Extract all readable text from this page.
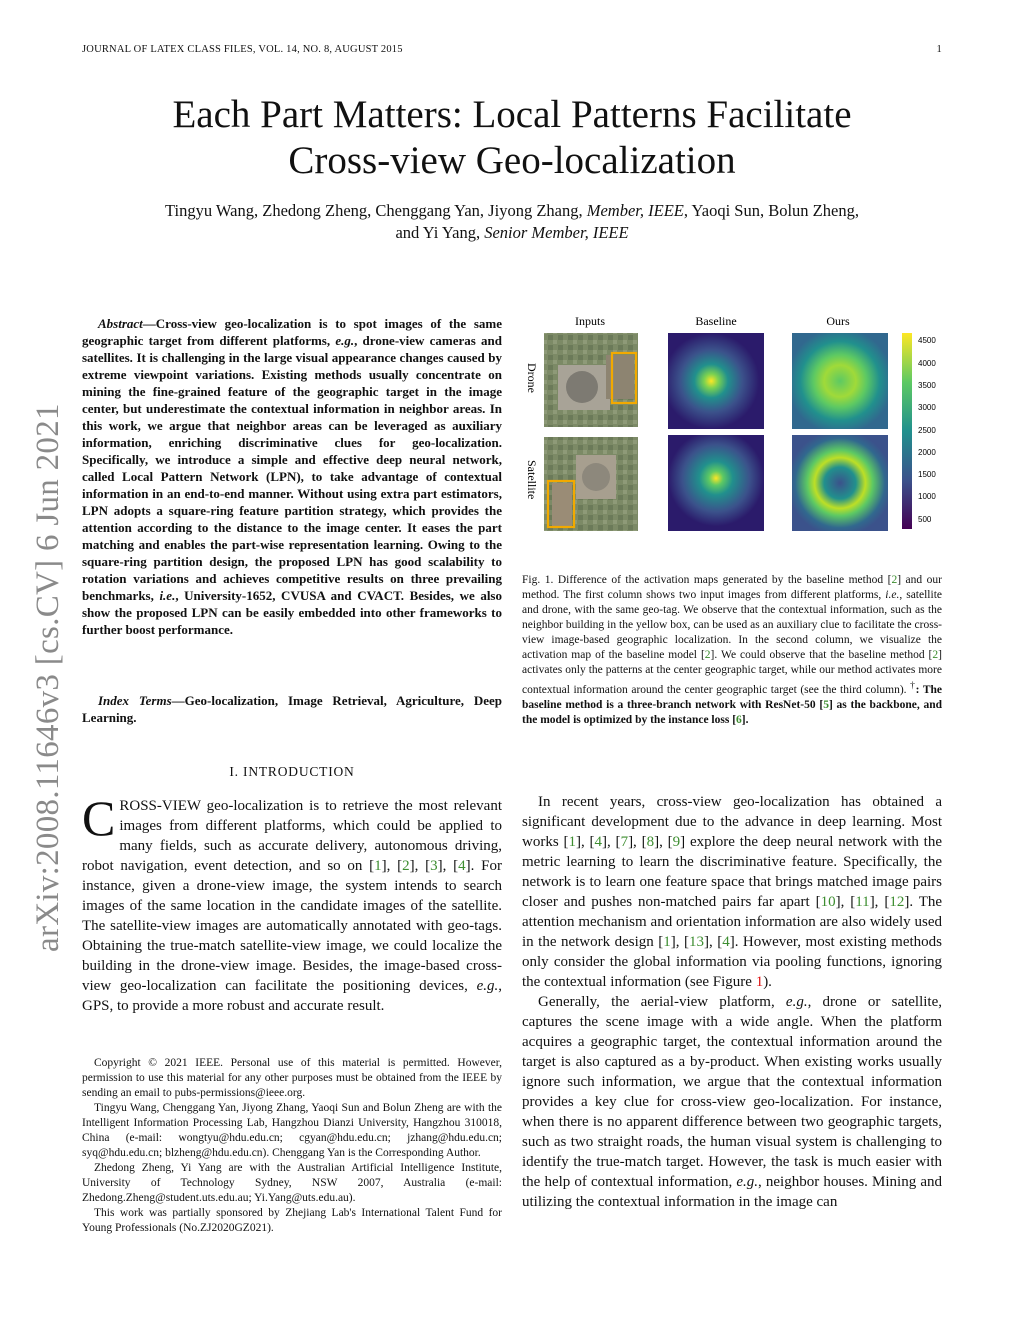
JOURNAL OF LATEX CLASS FILES, VOL. 14, NO. 8, AUGUST 2015	1
arXiv:2008.11646v3 [cs.CV] 6 Jun 2021
Each Part Matters: Local Patterns Facilitate
Cross-view Geo-localization
Tingyu Wang, Zhedong Zheng, Chenggang Yan, Jiyong Zhang, Member, IEEE, Yaoqi Sun, Bolun Zheng,
and Yi Yang, Senior Member, IEEE
Abstract—Cross-view geo-localization is to spot images of the same geographic target from different platforms, e.g., drone-view cameras and satellites. It is challenging in the large visual appearance changes caused by extreme viewpoint variations. Existing methods usually concentrate on mining the fine-grained feature of the geographic target in the image center, but underestimate the contextual information in neighbor areas. In this work, we argue that neighbor areas can be leveraged as auxiliary information, enriching discriminative clues for geo-localization. Specifically, we introduce a simple and effective deep neural network, called Local Pattern Network (LPN), to take advantage of contextual information in an end-to-end manner. Without using extra part estimators, LPN adopts a square-ring feature partition strategy, which provides the attention according to the distance to the image center. It eases the part matching and enables the part-wise representation learning. Owing to the square-ring partition design, the proposed LPN has good scalability to rotation variations and achieves competitive results on three prevailing benchmarks, i.e., University-1652, CVUSA and CVACT. Besides, we also show the proposed LPN can be easily embedded into other frameworks to further boost performance.
Index Terms—Geo-localization, Image Retrieval, Agriculture, Deep Learning.
I. INTRODUCTION
CROSS-VIEW geo-localization is to retrieve the most relevant images from different platforms, which could be applied to many fields, such as accurate delivery, autonomous driving, robot navigation, event detection, and so on [1], [2], [3], [4]. For instance, given a drone-view image, the system intends to search images of the same location in the candidate images of the satellite. The satellite-view images are automatically annotated with geo-tags. Obtaining the true-match satellite-view image, we could localize the building in the drone-view image. Besides, the image-based cross-view geo-localization can facilitate the positioning devices, e.g., GPS, to provide a more robust and accurate result.

Copyright © 2021 IEEE. Personal use of this material is permitted. However, permission to use this material for any other purposes must be obtained from the IEEE by sending an email to pubs-permissions@ieee.org.

Tingyu Wang, Chenggang Yan, Jiyong Zhang, Yaoqi Sun and Bolun Zheng are with the Intelligent Information Processing Lab, Hangzhou Dianzi University, Hangzhou 310018, China (e-mail: wongtyu@hdu.edu.cn; cgyan@hdu.edu.cn; jzhang@hdu.edu.cn; syq@hdu.edu.cn; blzheng@hdu.edu.cn). Chenggang Yan is the Corresponding Author.

Zhedong Zheng, Yi Yang are with the Australian Artificial Intelligence Institute, University of Technology Sydney, NSW 2007, Australia (e-mail: Zhedong.Zheng@student.uts.edu.au; Yi.Yang@uts.edu.au).

This work was partially sponsored by Zhejiang Lab's International Talent Fund for Young Professionals (No.ZJ2020GZ021).

Inputs	Baseline	Ours
Drone
Satellite
4500
4000
3500
3000
2500
2000
1500
1000
500
Fig. 1. Difference of the activation maps generated by the baseline method [2] and our method. The first column shows two input images from different platforms, i.e., satellite and drone, with the same geo-tag. We observe that the contextual information, such as the neighbor building in the yellow box, can be used as an auxiliary clue to facilitate the cross-view image-based geographic localization. In the second column, we visualize the activation map of the baseline model [2]. We could observe that the baseline method [2] activates only the patterns at the center geographic target, while our method activates more contextual information around the center geographic target (see the third column). †: The baseline method is a three-branch network with ResNet-50 [5] as the backbone, and the model is optimized by the instance loss [6].

In recent years, cross-view geo-localization has obtained a significant development due to the advance in deep learning. Most works [1], [4], [7], [8], [9] explore the deep neural network with the metric learning to learn the discriminative feature. Specifically, the network is to learn one feature space that brings matched image pairs closer and pushes non-matched pairs far apart [10], [11], [12]. The attention mechanism and orientation information are also widely used in the network design [1], [13], [4]. However, most existing methods only consider the global information via pooling functions, ignoring the contextual information (see Figure 1).

Generally, the aerial-view platform, e.g., drone or satellite, captures the scene image with a wide angle. When the platform acquires a geographic target, the contextual information around the target is also captured as a by-product. When existing works usually ignore such information, we argue that the contextual information provides a key clue for cross-view geo-localization. For instance, when there is no apparent difference between two geographic targets, such as two straight roads, the human visual system is challenging to identify the true-match target. However, the task is much easier with the help of contextual information, e.g., neighbor houses. Mining and utilizing the contextual information in the image can
